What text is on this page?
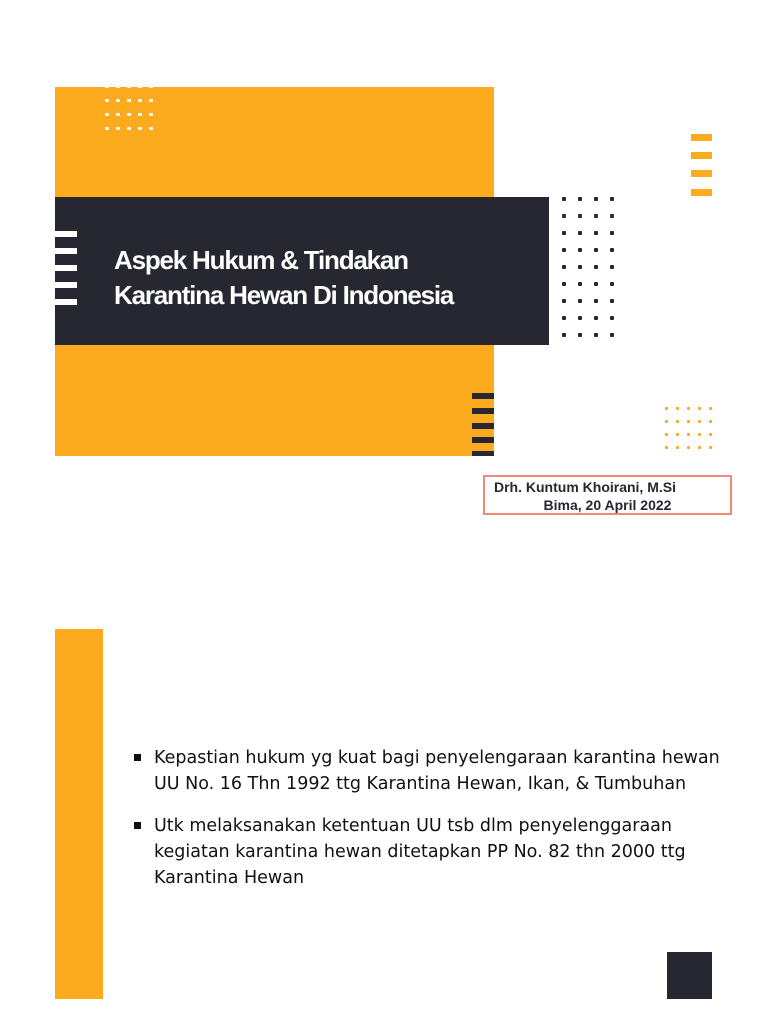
Aspek Hukum & Tindakan
Karantina Hewan Di Indonesia
Drh. Kuntum Khoirani, M.Si
Bima, 20 April 2022
Kepastian hukum yg kuat bagi penyelengaraan karantina hewan UU No. 16 Thn 1992 ttg Karantina Hewan, Ikan, & Tumbuhan
Utk melaksanakan ketentuan UU tsb dlm penyelenggaraan kegiatan karantina hewan ditetapkan PP No. 82 thn 2000 ttg Karantina Hewan
